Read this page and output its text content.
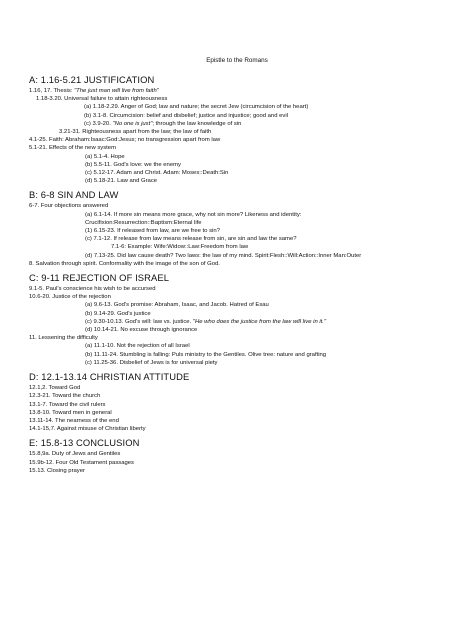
Epistle to the Romans
A: 1.16-5.21 JUSTIFICATION
1.16, 17. Thesis: "The just man will live from faith"
1.18-3.20. Universal failure to attain righteousness
(a) 1.18-2.29. Anger of God; law and nature; the secret Jew (circumcision of the heart)
(b) 3.1-8. Circumcision: belief and disbelief; justice and injustice; good and evil
(c) 3.9-20. "No one is just"; through the law knowledge of sin
3.21-31. Righteousness apart from the law; the law of faith
4.1-25. Faith: Abraham:Isaac:God:Jesus; no transgression apart from law
5.1-21. Effects of the new system
(a) 5.1-4. Hope
(b) 5.5-11. God's love: we the enemy
(c) 5.12-17. Adam and Christ. Adam: Moses::Death:Sin
(d) 5.18-21. Law and Grace
B: 6-8 SIN AND LAW
6-7. Four objections answered
(a) 6.1-14. If more sin means more grace, why not sin more? Likeness and identity:
Crucifixion:Resurrection::Baptism:Eternal life
(1) 6.15-23. If released from law, are we free to sin?
(c) 7.1-12. If release from law means release from sin, are sin and law the same?
7.1-6: Example: Wife:Widow::Law:Freedom from law
(d) 7.13-25. Did law cause death? Two laws: the law of my mind. Spirit:Flesh::Will:Action::Inner Man:Outer
8. Salvation through spirit. Conformality with the image of the son of God.
C: 9-11 REJECTION OF ISRAEL
9.1-5. Paul's conscience his wish to be accursed
10.6-20. Justice of the rejection
(a) 9.6-13. God's promise: Abraham, Isaac, and Jacob. Hatred of Esau
(b) 9.14-29. God's justice
(c) 9.30-10.13. God's will: law vs. justice. "He who does the justice from the law will live in it."
(d) 10.14-21. No excuse through ignorance
11. Lessening the difficulty
(a) 11.1-10. Not the rejection of all Israel
(b) 11.11-24. Stumbling is falling: Puls ministry to the Gentiles. Olive tree: nature and grafting
(c) 11.25-36. Disbelief of Jews is for universal piety
D: 12.1-13.14 CHRISTIAN ATTITUDE
12.1,2. Toward God
12.3-21. Toward the church
13.1-7. Toward the civil rulers
13.8-10. Toward men in general
13.11-14. The nearness of the end
14.1-15,7. Against misuse of Christian liberty
E: 15.8-13 CONCLUSION
15.8,9a. Duty of Jews and Gentiles
15.9b-12. Four Old Testament passages
15.13. Closing prayer
